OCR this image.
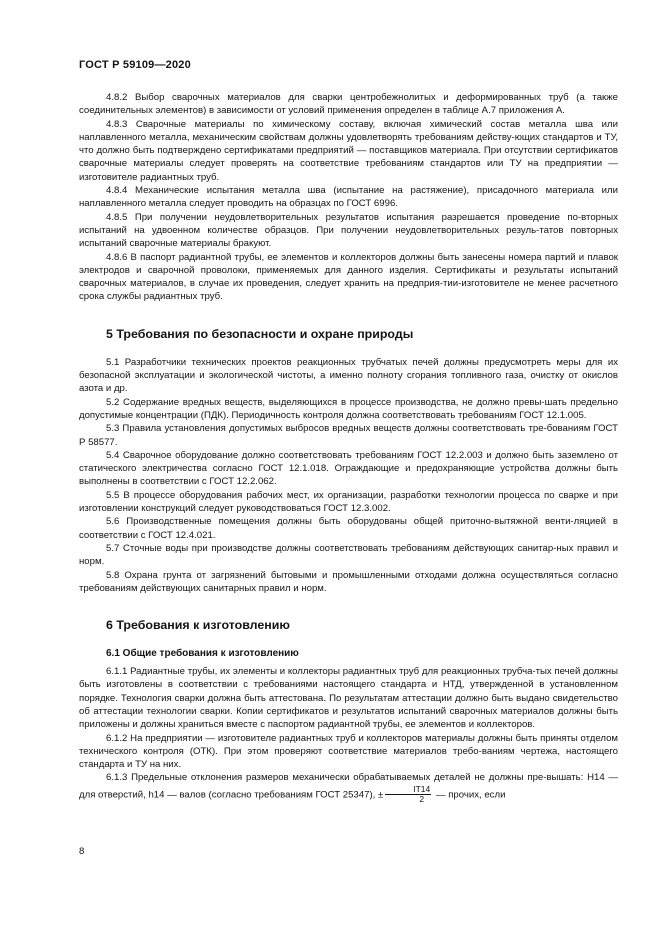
ГОСТ Р 59109—2020

4.8.2 Выбор сварочных материалов для сварки центробежнолитых и деформированных труб (а также соединительных элементов) в зависимости от условий применения определен в таблице А.7 приложения А.

4.8.3 Сварочные материалы по химическому составу, включая химический состав металла шва или наплавленного металла, механическим свойствам должны удовлетворять требованиям действу-ющих стандартов и ТУ, что должно быть подтверждено сертификатами предприятий — поставщиков материала. При отсутствии сертификатов сварочные материалы следует проверять на соответствие требованиям стандартов или ТУ на предприятии — изготовителе радиантных труб.

4.8.4 Механические испытания металла шва (испытание на растяжение), присадочного материала или наплавленного металла следует проводить на образцах по ГОСТ 6996.

4.8.5 При получении неудовлетворительных результатов испытания разрешается проведение по-вторных испытаний на удвоенном количестве образцов. При получении неудовлетворительных резуль-татов повторных испытаний сварочные материалы бракуют.

4.8.6 В паспорт радиантной трубы, ее элементов и коллекторов должны быть занесены номера партий и плавок электродов и сварочной проволоки, применяемых для данного изделия. Сертификаты и результаты испытаний сварочных материалов, в случае их проведения, следует хранить на предприя-тии-изготовителе не менее расчетного срока службы радиантных труб.

5 Требования по безопасности и охране природы

5.1 Разработчики технических проектов реакционных трубчатых печей должны предусмотреть меры для их безопасной эксплуатации и экологической чистоты, а именно полноту сгорания топливного газа, очистку от окислов азота и др.

5.2 Содержание вредных веществ, выделяющихся в процессе производства, не должно превы-шать предельно допустимые концентрации (ПДК). Периодичность контроля должна соответствовать требованиям ГОСТ 12.1.005.

5.3 Правила установления допустимых выбросов вредных веществ должны соответствовать тре-бованиям ГОСТ Р 58577.

5.4 Сварочное оборудование должно соответствовать требованиям ГОСТ 12.2.003 и должно быть заземлено от статического электричества согласно ГОСТ 12.1.018. Ограждающие и предохраняющие устройства должны быть выполнены в соответствии с ГОСТ 12.2.062.

5.5 В процессе оборудования рабочих мест, их организации, разработки технологии процесса по сварке и при изготовлении конструкций следует руководствоваться ГОСТ 12.3.002.

5.6 Производственные помещения должны быть оборудованы общей приточно-вытяжной венти-ляцией в соответствии с ГОСТ 12.4.021.

5.7 Сточные воды при производстве должны соответствовать требованиям действующих санитар-ных правил и норм.

5.8 Охрана грунта от загрязнений бытовыми и промышленными отходами должна осуществляться согласно требованиям действующих санитарных правил и норм.

6 Требования к изготовлению
6.1 Общие требования к изготовлению

6.1.1 Радиантные трубы, их элементы и коллекторы радиантных труб для реакционных трубча-тых печей должны быть изготовлены в соответствии с требованиями настоящего стандарта и НТД, утвержденной в установленном порядке. Технология сварки должна быть аттестована. По результатам аттестации должно быть выдано свидетельство об аттестации технологии сварки. Копии сертификатов и результатов испытаний сварочных материалов должны быть приложены и должны храниться вместе с паспортом радиантной трубы, ее элементов и коллекторов.

6.1.2 На предприятии — изготовителе радиантных труб и коллекторов материалы должны быть приняты отделом технического контроля (ОТК). При этом проверяют соответствие материалов требо-ваниям чертежа, настоящего стандарта и ТУ на них.

6.1.3 Предельные отклонения размеров механически обрабатываемых деталей не должны пре-вышать: H14 — для отверстий, h14 — валов (согласно требованиям ГОСТ 25347), ± $\frac{IT14}{2}$ — прочих, если

8
